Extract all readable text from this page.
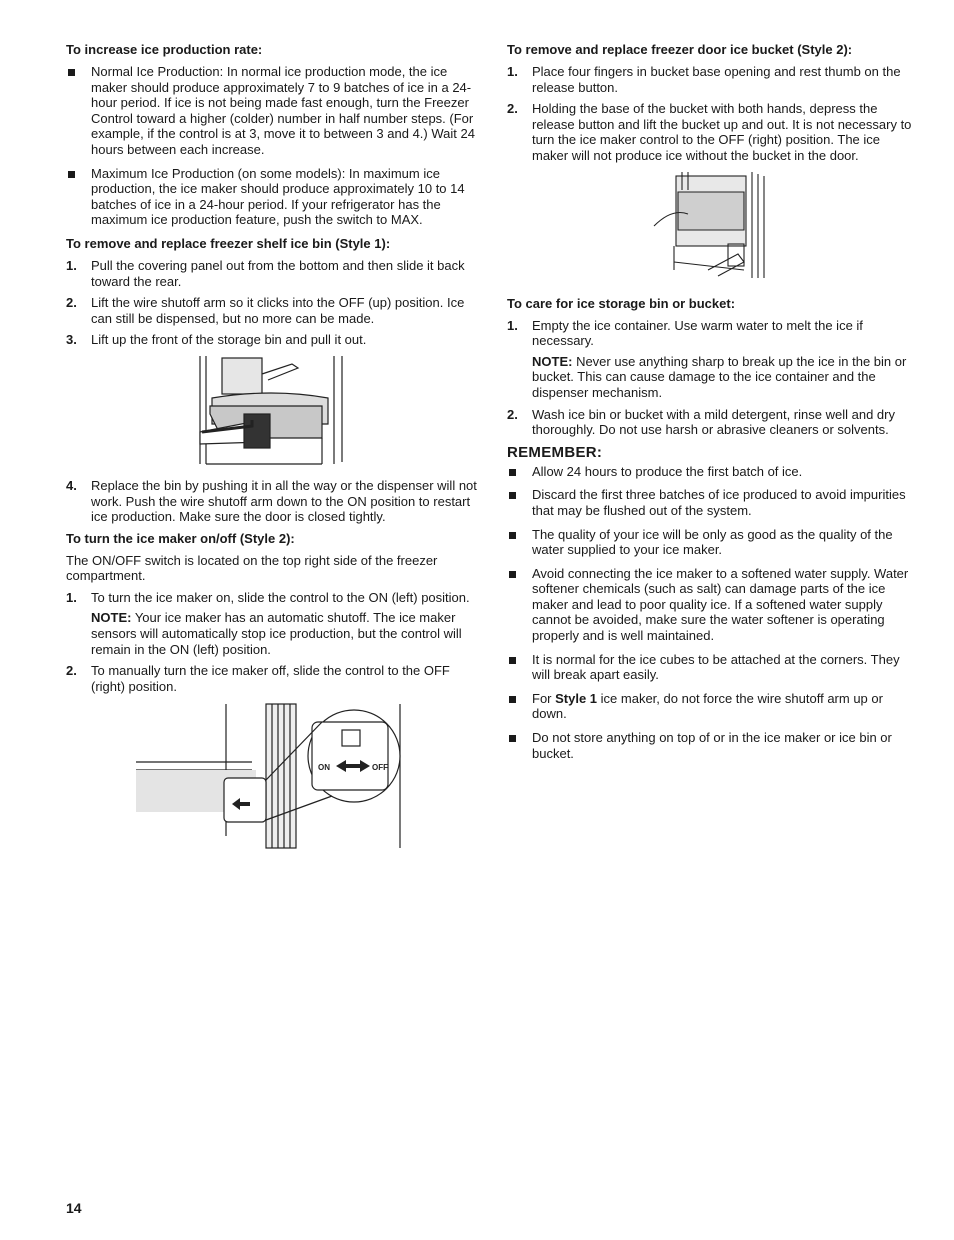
To increase ice production rate:
Normal Ice Production: In normal ice production mode, the ice maker should produce approximately 7 to 9 batches of ice in a 24-hour period. If ice is not being made fast enough, turn the Freezer Control toward a higher (colder) number in half number steps. (For example, if the control is at 3, move it to between 3 and 4.) Wait 24 hours between each increase.
Maximum Ice Production (on some models): In maximum ice production, the ice maker should produce approximately 10 to 14 batches of ice in a 24-hour period. If your refrigerator has the maximum ice production feature, push the switch to MAX.
To remove and replace freezer shelf ice bin (Style 1):
1. Pull the covering panel out from the bottom and then slide it back toward the rear.
2. Lift the wire shutoff arm so it clicks into the OFF (up) position. Ice can still be dispensed, but no more can be made.
3. Lift up the front of the storage bin and pull it out.
4. Replace the bin by pushing it in all the way or the dispenser will not work. Push the wire shutoff arm down to the ON position to restart ice production. Make sure the door is closed tightly.
To turn the ice maker on/off (Style 2):

The ON/OFF switch is located on the top right side of the freezer compartment.

1. To turn the ice maker on, slide the control to the ON (left) position.

NOTE: Your ice maker has an automatic shutoff. The ice maker sensors will automatically stop ice production, but the control will remain in the ON (left) position.

2. To manually turn the ice maker off, slide the control to the OFF (right) position.
ON	OFF
To remove and replace freezer door ice bucket (Style 2):
1. Place four fingers in bucket base opening and rest thumb on the release button.
2. Holding the base of the bucket with both hands, depress the release button and lift the bucket up and out. It is not necessary to turn the ice maker control to the OFF (right) position. The ice maker will not produce ice without the bucket in the door.
To care for ice storage bin or bucket:
1. Empty the ice container. Use warm water to melt the ice if necessary.

NOTE: Never use anything sharp to break up the ice in the bin or bucket. This can cause damage to the ice container and the dispenser mechanism.

2. Wash ice bin or bucket with a mild detergent, rinse well and dry thoroughly. Do not use harsh or abrasive cleaners or solvents.
REMEMBER:
Allow 24 hours to produce the first batch of ice.
Discard the first three batches of ice produced to avoid impurities that may be flushed out of the system.
The quality of your ice will be only as good as the quality of the water supplied to your ice maker.
Avoid connecting the ice maker to a softened water supply. Water softener chemicals (such as salt) can damage parts of the ice maker and lead to poor quality ice. If a softened water supply cannot be avoided, make sure the water softener is operating properly and is well maintained.
It is normal for the ice cubes to be attached at the corners. They will break apart easily.
For Style 1 ice maker, do not force the wire shutoff arm up or down.
Do not store anything on top of or in the ice maker or ice bin or bucket.
14
